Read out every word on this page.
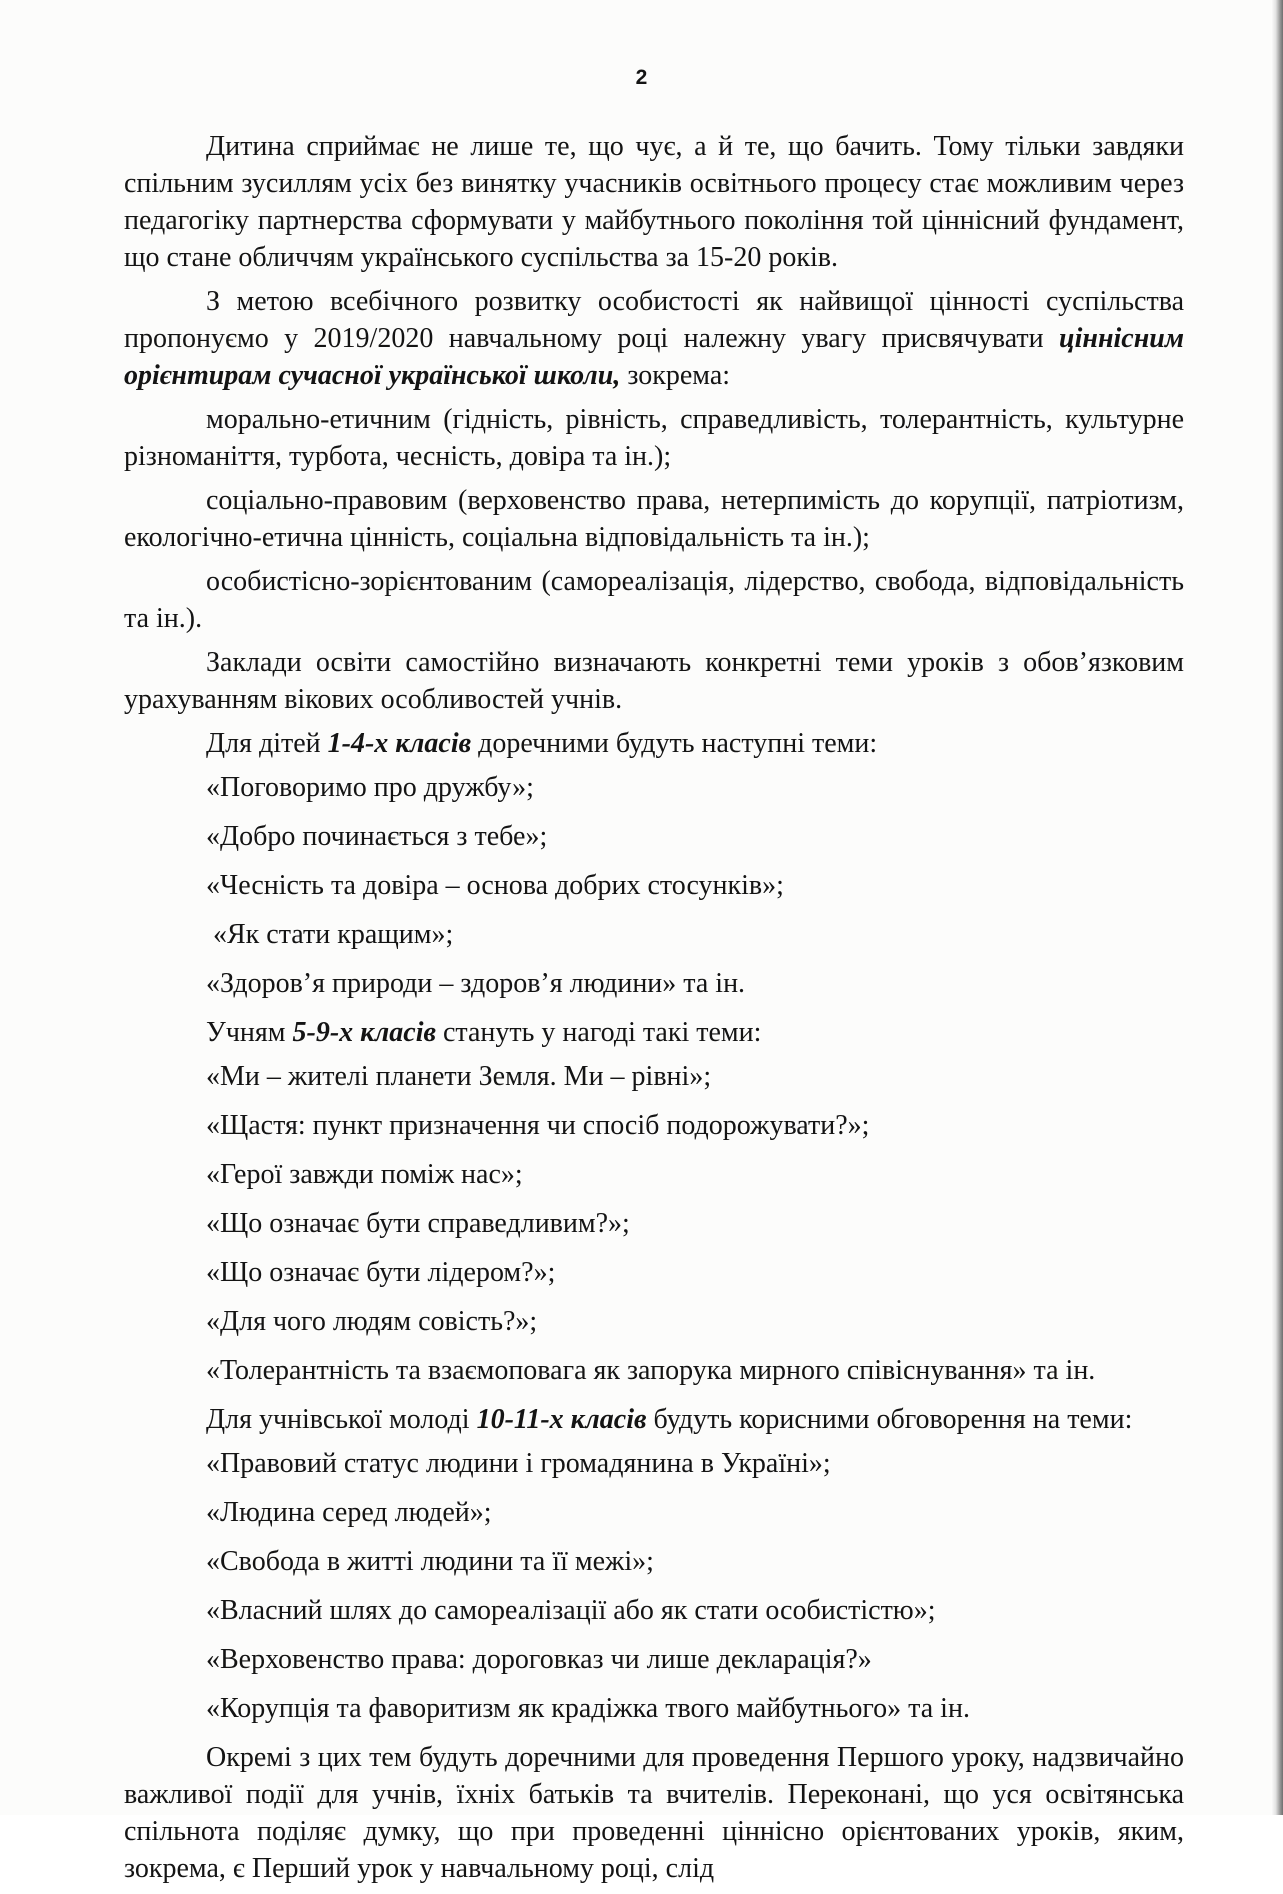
2

Дитина сприймає не лише те, що чує, а й те, що бачить. Тому тільки завдяки спільним зусиллям усіх без винятку учасників освітнього процесу стає можливим через педагогіку партнерства сформувати у майбутнього покоління той ціннісний фундамент, що стане обличчям українського суспільства за 15-20 років.

З метою всебічного розвитку особистості як найвищої цінності суспільства пропонуємо у 2019/2020 навчальному році належну увагу присвячувати ціннісним орієнтирам сучасної української школи, зокрема:

морально-етичним (гідність, рівність, справедливість, толерантність, культурне різноманіття, турбота, чесність, довіра та ін.);

соціально-правовим (верховенство права, нетерпимість до корупції, патріотизм, екологічно-етична цінність, соціальна відповідальність та ін.);

особистісно-зорієнтованим (самореалізація, лідерство, свобода, відповідальність та ін.).

Заклади освіти самостійно визначають конкретні теми уроків з обов’язковим урахуванням вікових особливостей учнів.

Для дітей 1-4-х класів доречними будуть наступні теми:

«Поговоримо про дружбу»;
«Добро починається з тебе»;
«Чесність та довіра – основа добрих стосунків»;
«Як стати кращим»;
«Здоров’я природи – здоров’я людини» та ін.

Учням 5-9-х класів стануть у нагоді такі теми:

«Ми – жителі планети Земля. Ми – рівні»;
«Щастя: пункт призначення чи спосіб подорожувати?»;
«Герої завжди поміж нас»;
«Що означає бути справедливим?»;
«Що означає бути лідером?»;
«Для чого людям совість?»;
«Толерантність та взаємоповага як запорука мирного співіснування» та ін.

Для учнівської молоді 10-11-х класів будуть корисними обговорення на теми:

«Правовий статус людини і громадянина в Україні»;
«Людина серед людей»;
«Свобода в житті людини та її межі»;
«Власний шлях до самореалізації або як стати особистістю»;
«Верховенство права: дороговказ чи лише декларація?»
«Корупція та фаворитизм як крадіжка твого майбутнього» та ін.

Окремі з цих тем будуть доречними для проведення Першого уроку, надзвичайно важливої події для учнів, їхніх батьків та вчителів. Переконані, що уся освітянська спільнота поділяє думку, що при проведенні ціннісно орієнтованих уроків, яким, зокрема, є Перший урок у навчальному році, слід
